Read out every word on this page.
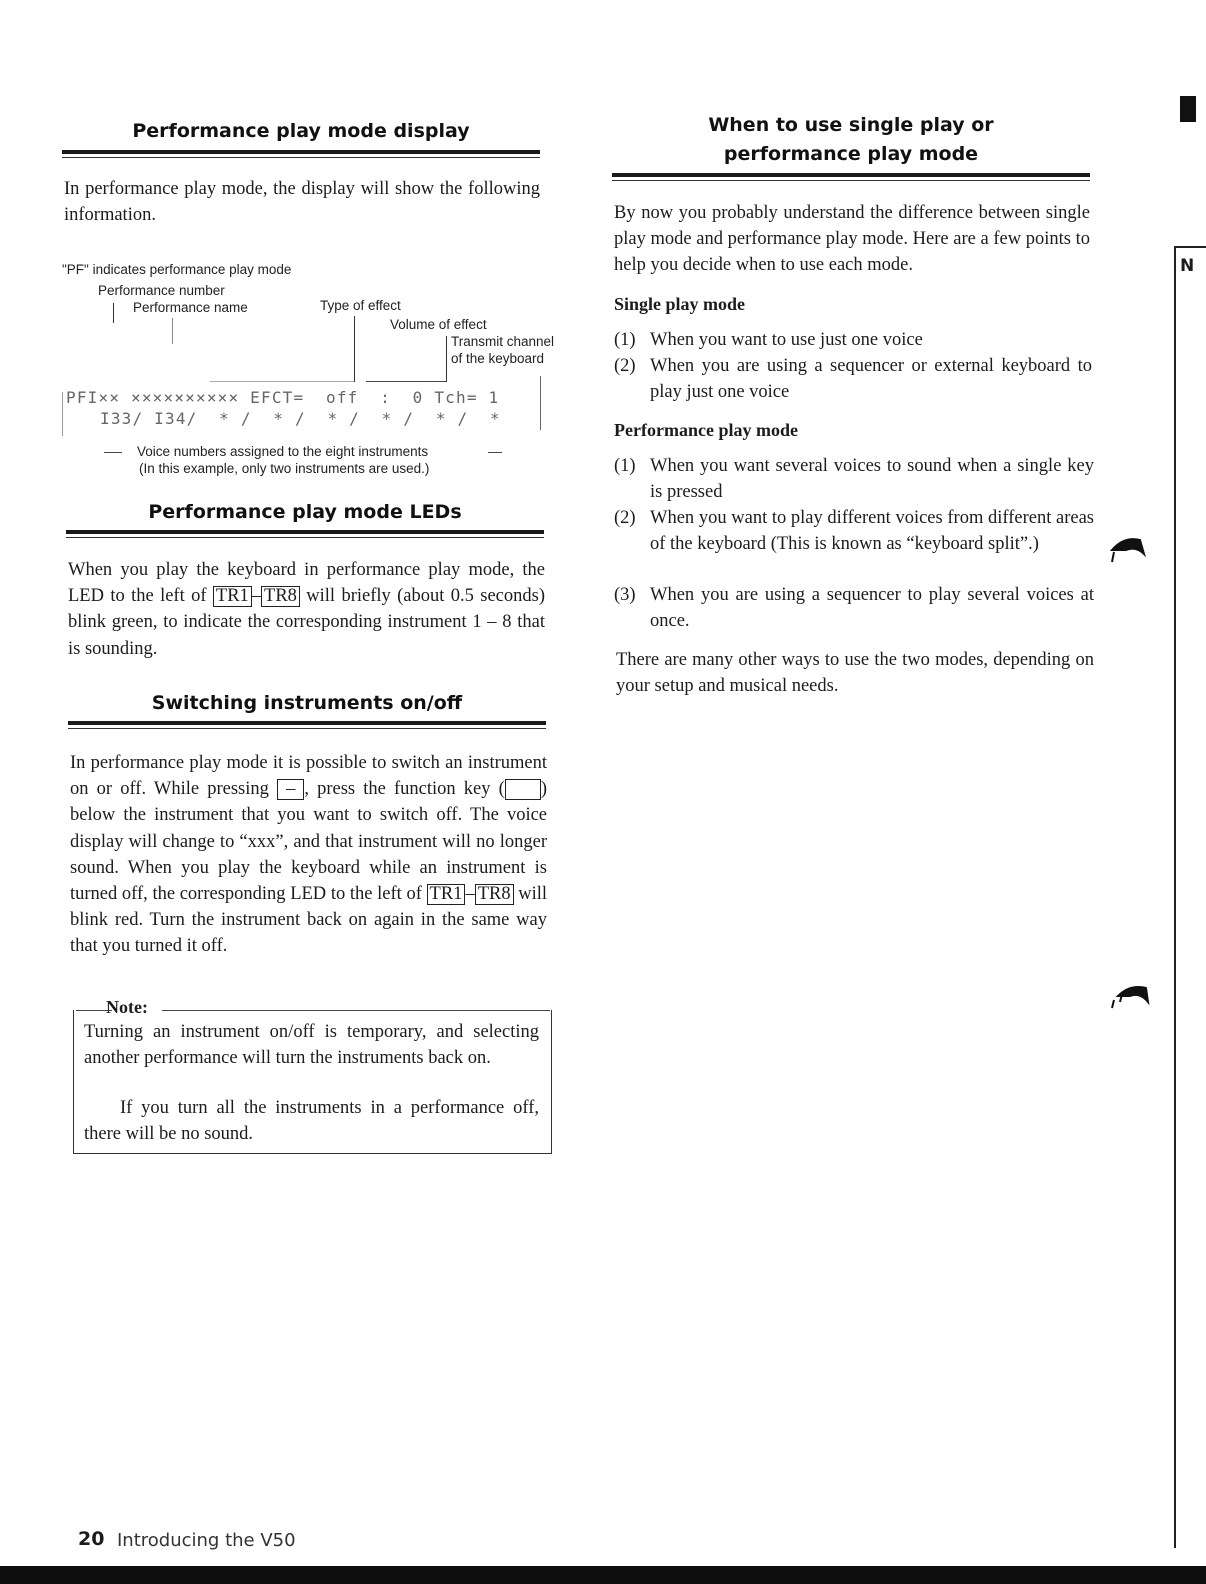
Performance play mode display
In performance play mode, the display will show the following information.
"PF" indicates performance play mode
Performance number
Performance name	Type of effect
Volume of effect
Transmit channel
of the keyboard
PFI×× ×××××××××× EFCT=  off  :  0 Tch= 1
I33/ I34/  * /  * /  * /  * /  * /  *
Voice numbers assigned to the eight instruments
(In this example, only two instruments are used.)
Performance play mode LEDs
When you play the keyboard in performance play mode, the LED to the left of TR1 – TR8 will briefly (about 0.5 seconds) blink green, to indicate the corresponding instrument 1 – 8 that is sounding.
Switching instruments on/off
In performance play mode it is possible to switch an instrument on or off. While pressing – , press the function key ( ) below the instrument that you want to switch off. The voice display will change to “xxx”, and that instrument will no longer sound. When you play the keyboard while an instrument is turned off, the corresponding LED to the left of TR1 – TR8 will blink red. Turn the instrument back on again in the same way that you turned it off.
Note:
Turning an instrument on/off is temporary, and selecting another performance will turn the instruments back on.
If you turn all the instruments in a performance off, there will be no sound.
When to use single play or
performance play mode
By now you probably understand the difference between single play mode and performance play mode. Here are a few points to help you decide when to use each mode.
Single play mode
(1) When you want to use just one voice
(2) When you are using a sequencer or external keyboard to play just one voice
Performance play mode
(1) When you want several voices to sound when a single key is pressed
(2) When you want to play different voices from different areas of the keyboard (This is known as “keyboard split”.)
(3) When you are using a sequencer to play several voices at once.
There are many other ways to use the two modes, depending on your setup and musical needs.
N
20 Introducing the V50
